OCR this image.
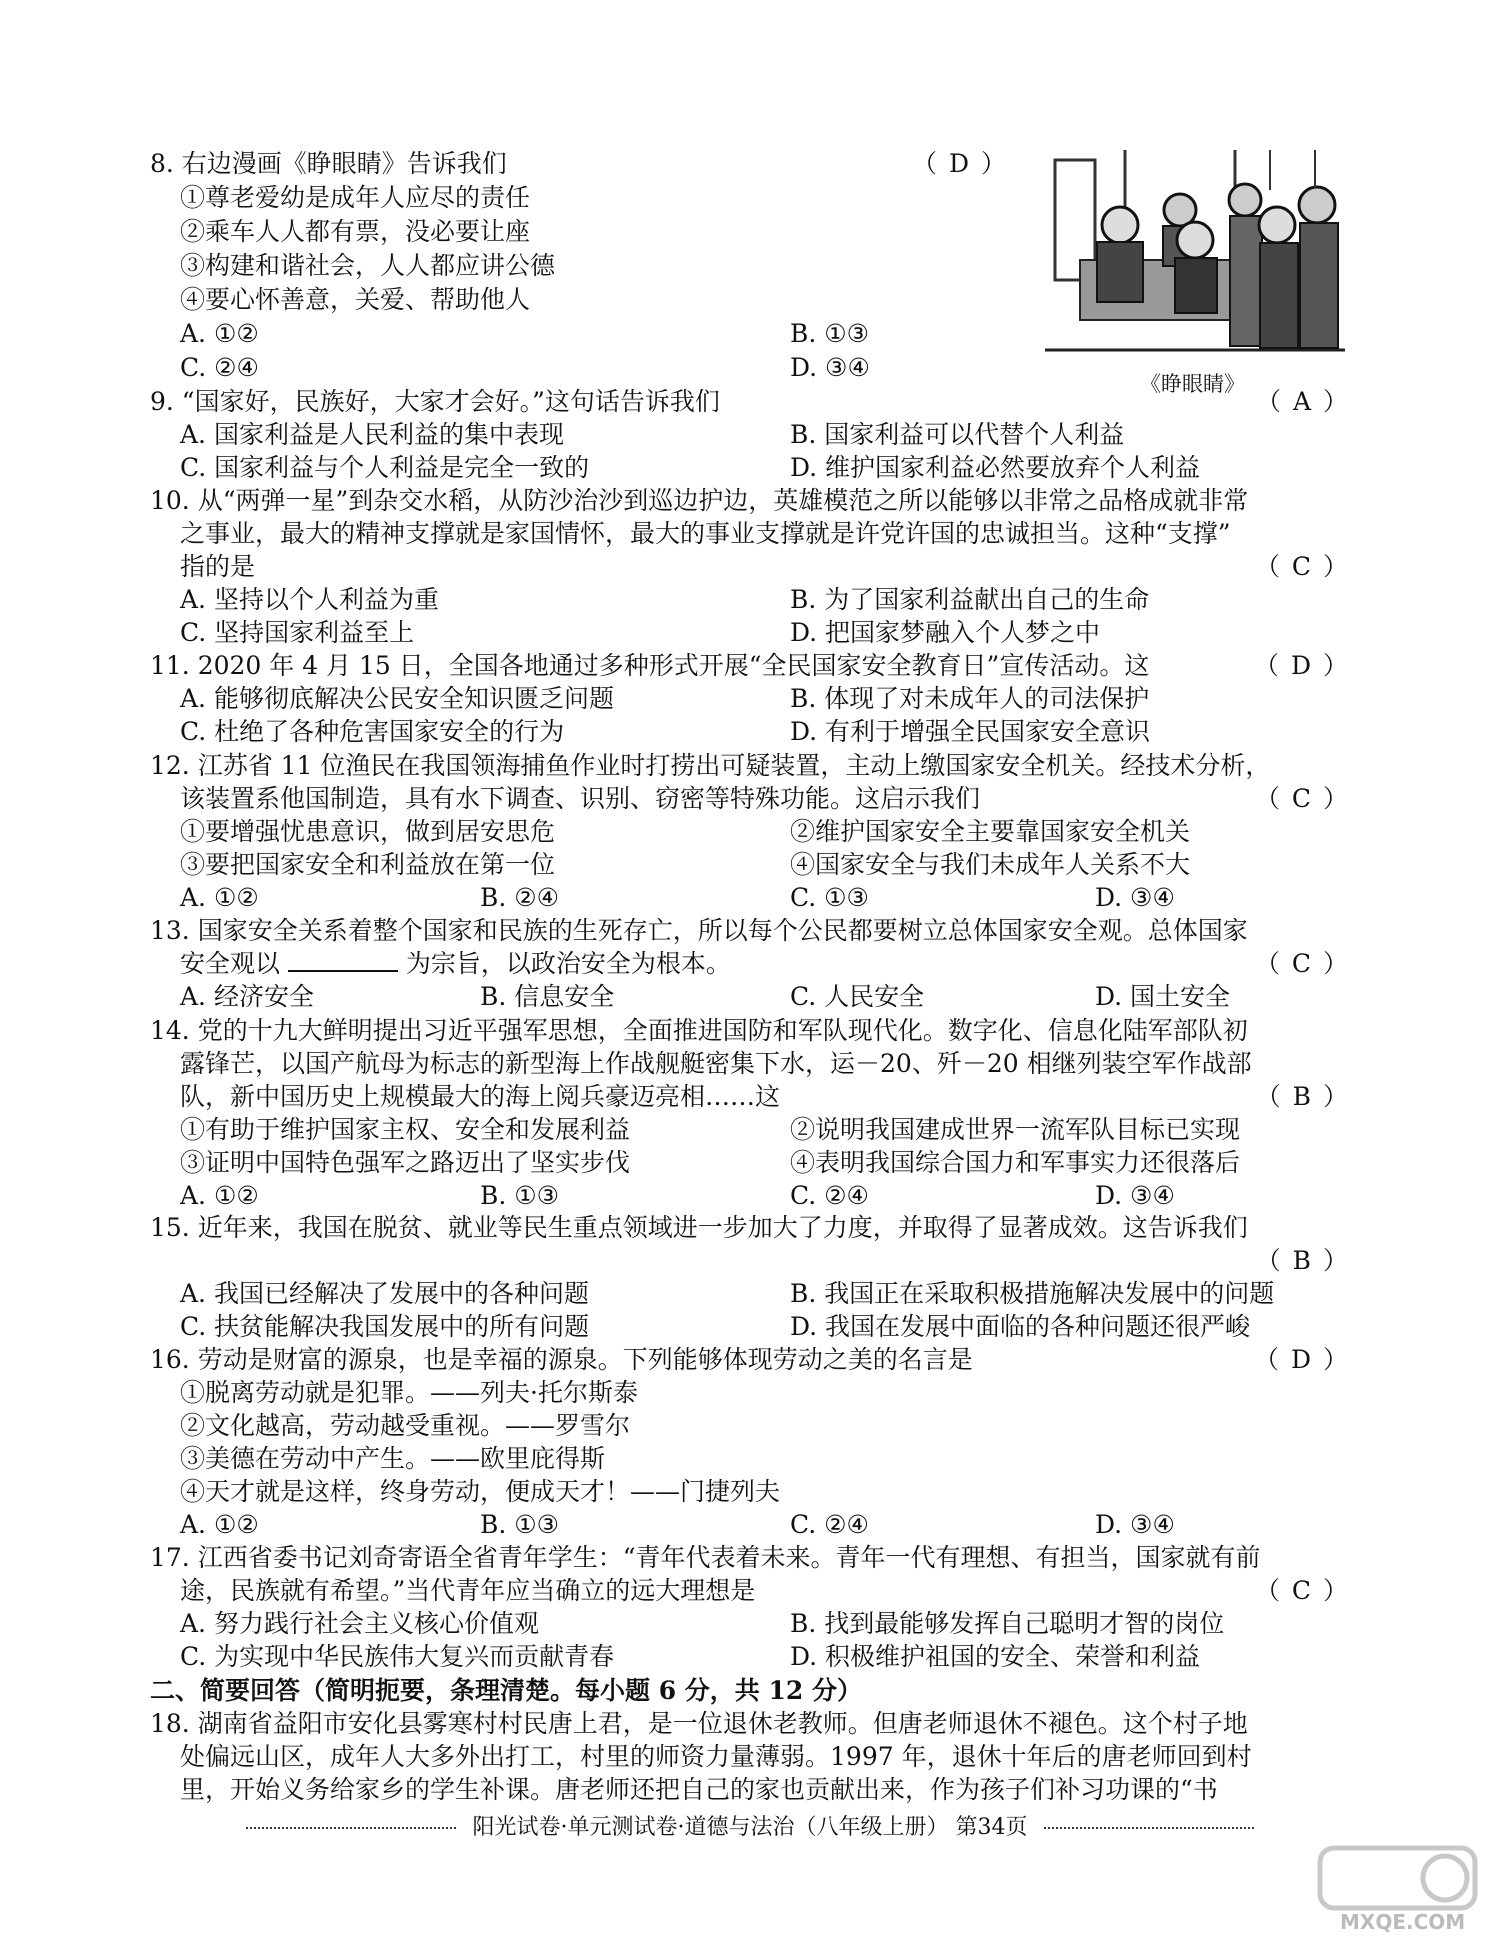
8. 右边漫画《睁眼睛》告诉我们	（ D ）
①尊老爱幼是成年人应尽的责任
②乘车人人都有票，没必要让座
③构建和谐社会，人人都应讲公德
④要心怀善意，关爱、帮助他人
A. ①②	B. ①③
C. ②④	D. ③④
《睁眼睛》
9. “国家好，民族好，大家才会好。”这句话告诉我们	（ A ）
A. 国家利益是人民利益的集中表现	B. 国家利益可以代替个人利益
C. 国家利益与个人利益是完全一致的	D. 维护国家利益必然要放弃个人利益
10. 从“两弹一星”到杂交水稻，从防沙治沙到巡边护边，英雄模范之所以能够以非常之品格成就非常
之事业，最大的精神支撑就是家国情怀，最大的事业支撑就是许党许国的忠诚担当。这种“支撑”
指的是	（ C ）
A. 坚持以个人利益为重	B. 为了国家利益献出自己的生命
C. 坚持国家利益至上	D. 把国家梦融入个人梦之中
11. 2020 年 4 月 15 日，全国各地通过多种形式开展“全民国家安全教育日”宣传活动。这	（ D ）
A. 能够彻底解决公民安全知识匮乏问题	B. 体现了对未成年人的司法保护
C. 杜绝了各种危害国家安全的行为	D. 有利于增强全民国家安全意识
12. 江苏省 11 位渔民在我国领海捕鱼作业时打捞出可疑装置，主动上缴国家安全机关。经技术分析，
该装置系他国制造，具有水下调查、识别、窃密等特殊功能。这启示我们	（ C ）
①要增强忧患意识，做到居安思危	②维护国家安全主要靠国家安全机关
③要把国家安全和利益放在第一位	④国家安全与我们未成年人关系不大
A. ①②	B. ②④	C. ①③	D. ③④
13. 国家安全关系着整个国家和民族的生死存亡，所以每个公民都要树立总体国家安全观。总体国家
安全观以	为宗旨，以政治安全为根本。	（ C ）
A. 经济安全	B. 信息安全	C. 人民安全	D. 国土安全
14. 党的十九大鲜明提出习近平强军思想，全面推进国防和军队现代化。数字化、信息化陆军部队初
露锋芒，以国产航母为标志的新型海上作战舰艇密集下水，运－20、歼－20 相继列装空军作战部
队，新中国历史上规模最大的海上阅兵豪迈亮相……这	（ B ）
①有助于维护国家主权、安全和发展利益	②说明我国建成世界一流军队目标已实现
③证明中国特色强军之路迈出了坚实步伐	④表明我国综合国力和军事实力还很落后
A. ①②	B. ①③	C. ②④	D. ③④
15. 近年来，我国在脱贫、就业等民生重点领域进一步加大了力度，并取得了显著成效。这告诉我们
（ B ）
A. 我国已经解决了发展中的各种问题	B. 我国正在采取积极措施解决发展中的问题
C. 扶贫能解决我国发展中的所有问题	D. 我国在发展中面临的各种问题还很严峻
16. 劳动是财富的源泉，也是幸福的源泉。下列能够体现劳动之美的名言是	（ D ）
①脱离劳动就是犯罪。——列夫·托尔斯泰
②文化越高，劳动越受重视。——罗雪尔
③美德在劳动中产生。——欧里庇得斯
④天才就是这样，终身劳动，便成天才！——门捷列夫
A. ①②	B. ①③	C. ②④	D. ③④
17. 江西省委书记刘奇寄语全省青年学生：“青年代表着未来。青年一代有理想、有担当，国家就有前
途，民族就有希望。”当代青年应当确立的远大理想是	（ C ）
A. 努力践行社会主义核心价值观	B. 找到最能够发挥自己聪明才智的岗位
C. 为实现中华民族伟大复兴而贡献青春	D. 积极维护祖国的安全、荣誉和利益
二、简要回答（简明扼要，条理清楚。每小题 6 分，共 12 分）
18. 湖南省益阳市安化县雾寒村村民唐上君，是一位退休老教师。但唐老师退休不褪色。这个村子地
处偏远山区，成年人大多外出打工，村里的师资力量薄弱。1997 年，退休十年后的唐老师回到村
里，开始义务给家乡的学生补课。唐老师还把自己的家也贡献出来，作为孩子们补习功课的“书
阳光试卷·单元测试卷·道德与法治（八年级上册） 第34页
MXQE.COM
